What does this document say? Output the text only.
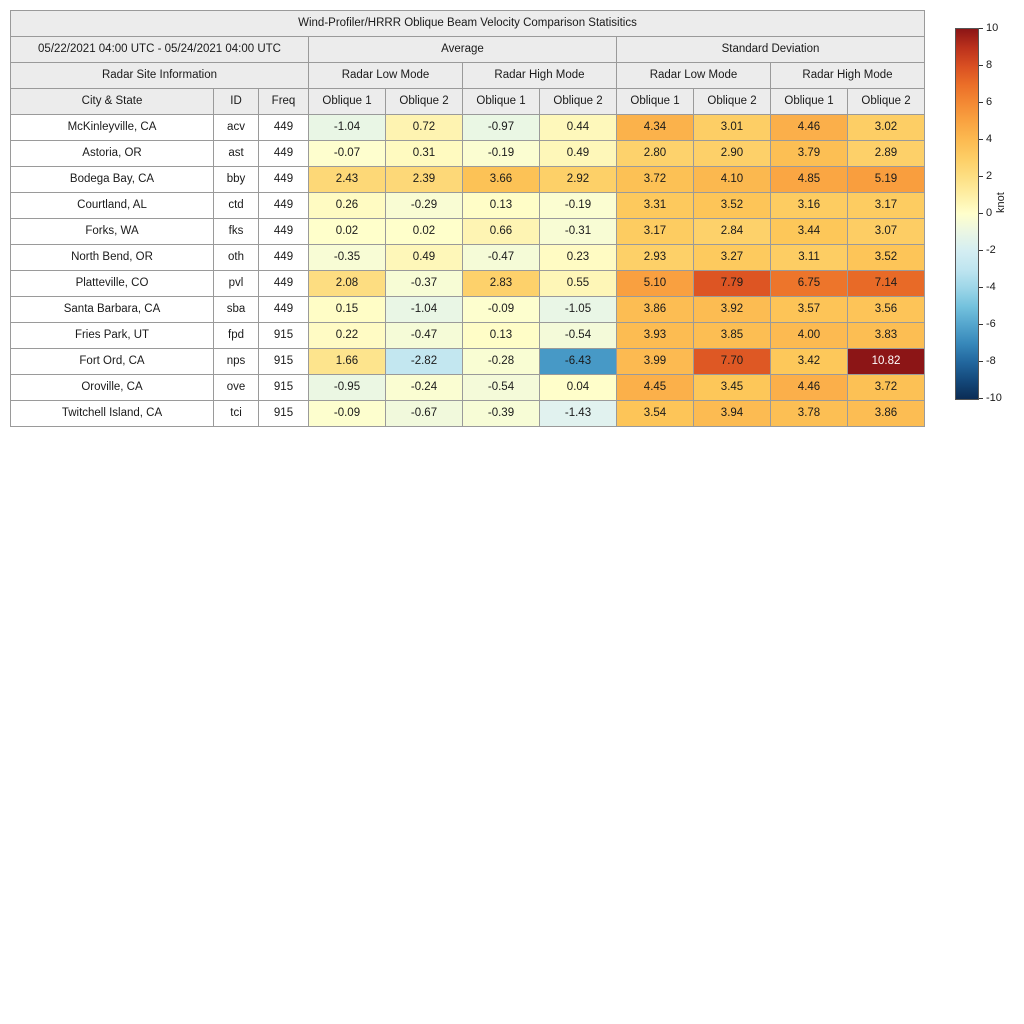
Wind-Profiler/HRRR Oblique Beam Velocity Comparison Statisitics										
05/22/2021 04:00 UTC - 05/24/2021 04:00 UTC			Average				Standard Deviation			
Radar Site Information			Radar Low Mode		Radar High Mode		Radar Low Mode		Radar High Mode	
City & State	ID	Freq	Oblique 1	Oblique 2	Oblique 1	Oblique 2	Oblique 1	Oblique 2	Oblique 1	Oblique 2
McKinleyville, CA	acv	449	-1.04	0.72	-0.97	0.44	4.34	3.01	4.46	3.02
Astoria, OR	ast	449	-0.07	0.31	-0.19	0.49	2.80	2.90	3.79	2.89
Bodega Bay, CA	bby	449	2.43	2.39	3.66	2.92	3.72	4.10	4.85	5.19
Courtland, AL	ctd	449	0.26	-0.29	0.13	-0.19	3.31	3.52	3.16	3.17
Forks, WA	fks	449	0.02	0.02	0.66	-0.31	3.17	2.84	3.44	3.07
North Bend, OR	oth	449	-0.35	0.49	-0.47	0.23	2.93	3.27	3.11	3.52
Platteville, CO	pvl	449	2.08	-0.37	2.83	0.55	5.10	7.79	6.75	7.14
Santa Barbara, CA	sba	449	0.15	-1.04	-0.09	-1.05	3.86	3.92	3.57	3.56
Fries Park, UT	fpd	915	0.22	-0.47	0.13	-0.54	3.93	3.85	4.00	3.83
Fort Ord, CA	nps	915	1.66	-2.82	-0.28	-6.43	3.99	7.70	3.42	10.82
Oroville, CA	ove	915	-0.95	-0.24	-0.54	0.04	4.45	3.45	4.46	3.72
Twitchell Island, CA	tci	915	-0.09	-0.67	-0.39	-1.43	3.54	3.94	3.78	3.86
10
8
6
4
2
0
-2
-4
-6
-8
-10
knot
